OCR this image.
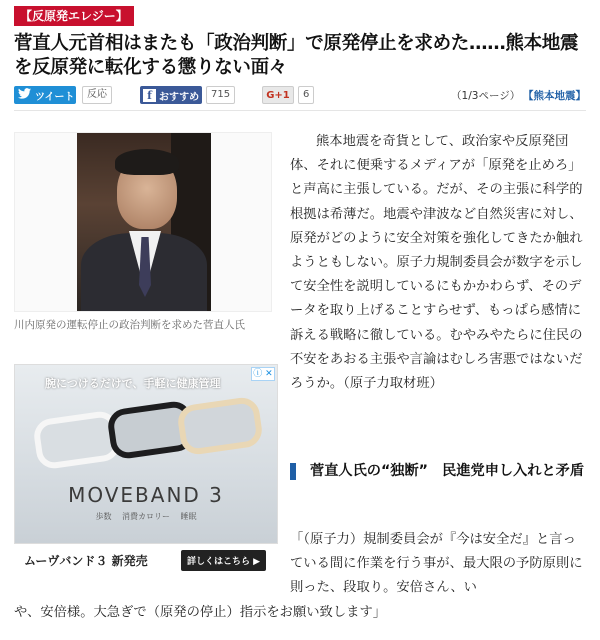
【反原発エレジー】
菅直人元首相はまたも「政治判断」で原発停止を求めた……熊本地震を反原発に転化する懲りない面々
ツイート	反応	f おすすめ	715	G+1	6	（1/3ページ） 【熊本地震】
川内原発の運転停止の政治判断を求めた菅直人氏
ⓘ ✕
腕につけるだけで、手軽に健康管理
MOVEBAND 3
歩数 消費カロリー 睡眠
ムーヴバンド３ 新発売	詳しくはこちら ▶

熊本地震を奇貨として、政治家や反原発団体、それに便乗するメディアが「原発を止めろ」と声高に主張している。だが、その主張に科学的根拠は希薄だ。地震や津波など自然災害に対し、原発がどのように安全対策を強化してきたか触れようともしない。原子力規制委員会が数字を示して安全性を説明しているにもかかわらず、そのデータを取り上げることすらせず、もっぱら感情に訴える戦略に徹している。むやみやたらに住民の不安をあおる主張や言論はむしろ害悪ではないだろうか。（原子力取材班）

菅直人氏の“独断”　民進党申し入れと矛盾

「（原子力）規制委員会が『今は安全だ』と言っている間に作業を行う事が、最大限の予防原則に則った、段取り。安倍さん、い

や、安倍様。大急ぎで（原発の停止）指示をお願い致します」
